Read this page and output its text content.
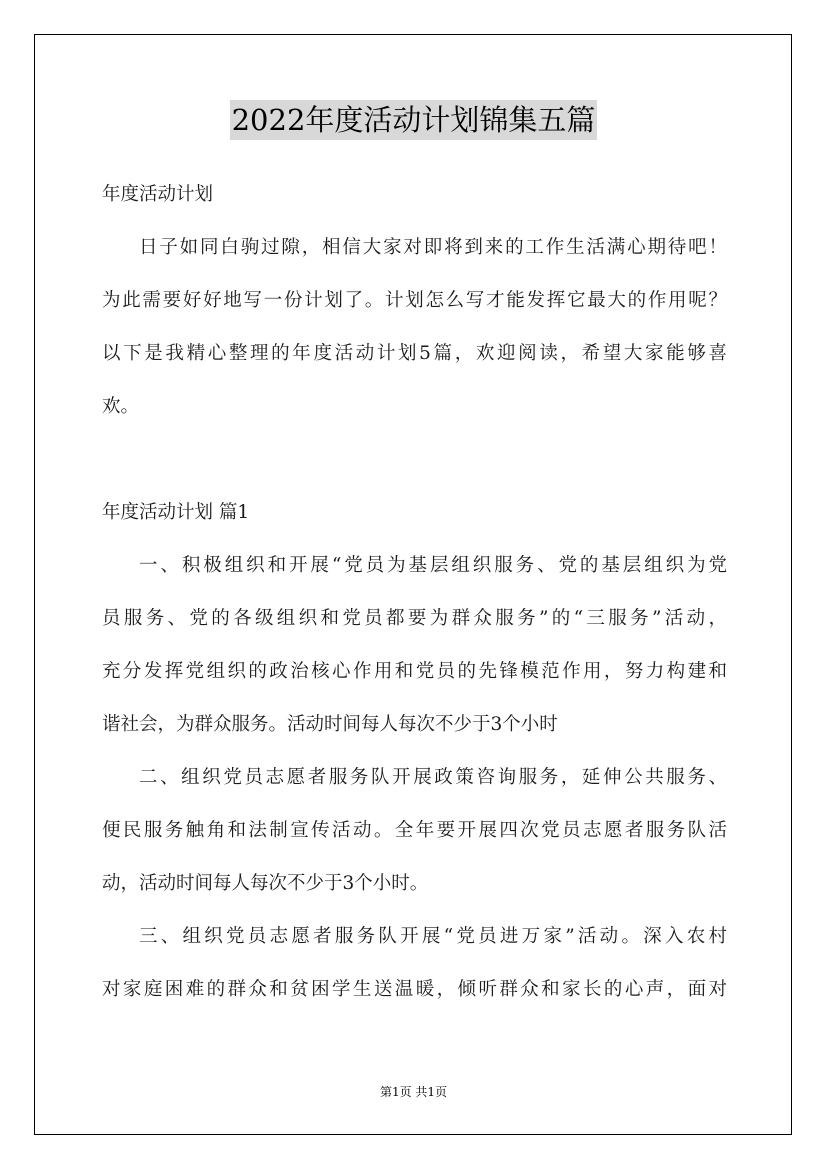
2022年度活动计划锦集五篇
年度活动计划
日子如同白驹过隙，相信大家对即将到来的工作生活满心期待吧！
为此需要好好地写一份计划了。计划怎么写才能发挥它最大的作用呢？
以下是我精心整理的年度活动计划5篇，欢迎阅读，希望大家能够喜
欢。
年度活动计划 篇1
一、积极组织和开展“党员为基层组织服务、党的基层组织为党
员服务、党的各级组织和党员都要为群众服务”的“三服务”活动，
充分发挥党组织的政治核心作用和党员的先锋模范作用，努力构建和
谐社会，为群众服务。活动时间每人每次不少于3个小时
二、组织党员志愿者服务队开展政策咨询服务，延伸公共服务、
便民服务触角和法制宣传活动。全年要开展四次党员志愿者服务队活
动，活动时间每人每次不少于3个小时。
三、组织党员志愿者服务队开展“党员进万家”活动。深入农村
对家庭困难的群众和贫困学生送温暖，倾听群众和家长的心声，面对
第1页 共1页
